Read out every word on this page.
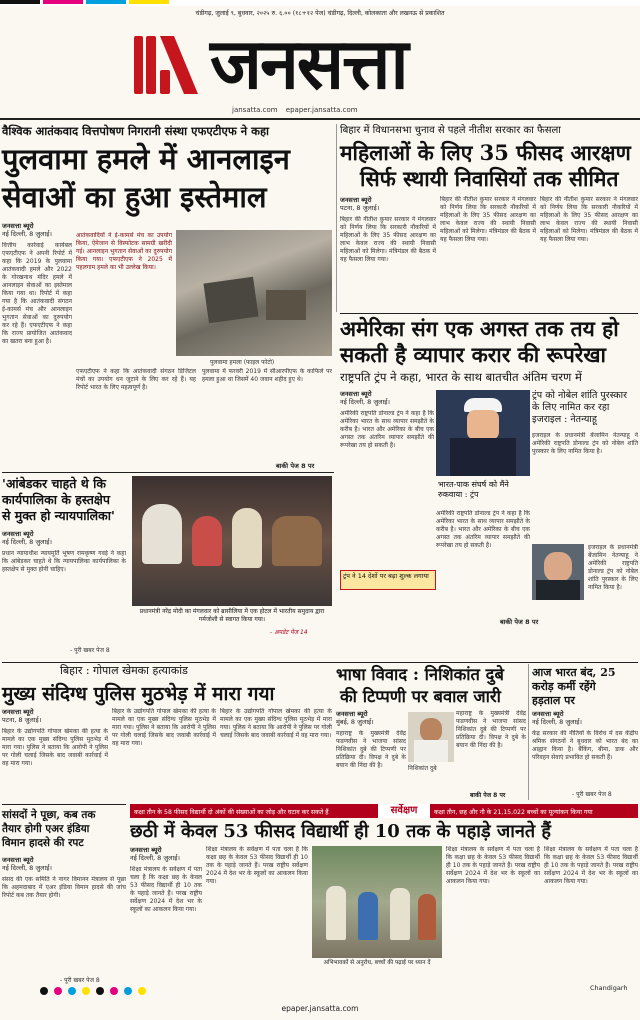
चंडीगढ़, जुलाई ९, बुधवार, २०२५ रु. ६.०० (१८+१२ पेज) चंडीगढ़, दिल्ली, कोलकाता और लखनऊ से प्रकाशित
जनसत्ता
jansatta.com epaper.jansatta.com
वैश्विक आतंकवाद वित्तपोषण निगरानी संस्था एफएटीएफ ने कहा
पुलवामा हमले में आनलाइन
सेवाओं का हुआ इस्तेमाल
जनसत्ता ब्यूरो
नई दिल्ली, 8 जुलाई।
वित्तीय कार्रवाई कार्यबल एफएटीएफ ने अपनी रिपोर्ट में कहा कि 2019 के पुलवामा आतंकवादी हमले और 2022 के गोरखनाथ मंदिर हमले में आनलाइन सेवाओं का इस्तेमाल किया गया था। रिपोर्ट में कहा गया है कि आतंकवादी संगठन ई-कामर्स मंच और आनलाइन भुगतान सेवाओं का दुरुपयोग कर रहे हैं। एफएटीएफ ने कहा कि राज्य प्रायोजित आतंकवाद का खतरा बना हुआ है।
आतंकवादियों ने ई-कामर्स मंच का उपयोग किया, ऐमेजान से विस्फोटक सामग्री खरीदी गई। आनलाइन भुगतान सेवाओं का दुरुपयोग किया गया। एफएटीएफ ने 2025 में पहलगाम हमले का भी उल्लेख किया।
पुलवामा हमला (फाइल फोटो)
एफएटीएफ ने कहा कि आतंकवादी संगठन डिजिटल मंचों का उपयोग धन जुटाने के लिए कर रहे हैं। यह रिपोर्ट भारत के लिए महत्वपूर्ण है।
पुलवामा में फरवरी 2019 में सीआरपीएफ के काफिले पर हमला हुआ था जिसमें 40 जवान शहीद हुए थे।
बाकी पेज 8 पर
बिहार में विधानसभा चुनाव से पहले नीतीश सरकार का फैसला
महिलाओं के लिए 35 फीसद आरक्षण
सिर्फ स्थायी निवासियों तक सीमित
जनसत्ता ब्यूरो
पटना, 8 जुलाई।
बिहार की नीतीश कुमार सरकार ने मंगलवार को निर्णय लिया कि सरकारी नौकरियों में महिलाओं के लिए 35 फीसद आरक्षण का लाभ केवल राज्य की स्थायी निवासी महिलाओं को मिलेगा। मंत्रिमंडल की बैठक में यह फैसला लिया गया।
बिहार की नीतीश कुमार सरकार ने मंगलवार को निर्णय लिया कि सरकारी नौकरियों में महिलाओं के लिए 35 फीसद आरक्षण का लाभ केवल राज्य की स्थायी निवासी महिलाओं को मिलेगा। मंत्रिमंडल की बैठक में यह फैसला लिया गया।
बिहार की नीतीश कुमार सरकार ने मंगलवार को निर्णय लिया कि सरकारी नौकरियों में महिलाओं के लिए 35 फीसद आरक्षण का लाभ केवल राज्य की स्थायी निवासी महिलाओं को मिलेगा। मंत्रिमंडल की बैठक में यह फैसला लिया गया।
अमेरिका संग एक अगस्त तक तय हो
सकती है व्यापार करार की रूपरेखा
राष्ट्रपति ट्रंप ने कहा, भारत के साथ बातचीत अंतिम चरण में
जनसत्ता ब्यूरो
नई दिल्ली, 8 जुलाई।
अमेरिकी राष्ट्रपति डोनाल्ड ट्रंप ने कहा है कि अमेरिका भारत के साथ व्यापार समझौते के करीब है। भारत और अमेरिका के बीच एक अगस्त तक अंतरिम व्यापार समझौते की रूपरेखा तय हो सकती है।
भारत-पाक संघर्ष को मैंने रुकवाया : ट्रंप
अमेरिकी राष्ट्रपति डोनाल्ड ट्रंप ने कहा है कि अमेरिका भारत के साथ व्यापार समझौते के करीब है। भारत और अमेरिका के बीच एक अगस्त तक अंतरिम व्यापार समझौते की रूपरेखा तय हो सकती है।
ट्रंप को नोबेल शांति पुरस्कार
के लिए नामित कर रहा
इजराइल : नेतन्याहू
इजराइल के प्रधानमंत्री बेंजामिन नेतन्याहू ने अमेरिकी राष्ट्रपति डोनाल्ड ट्रंप को नोबेल शांति पुरस्कार के लिए नामित किया है।
इजराइल के प्रधानमंत्री बेंजामिन नेतन्याहू ने अमेरिकी राष्ट्रपति डोनाल्ड ट्रंप को नोबेल शांति पुरस्कार के लिए नामित किया है।
ट्रंप ने 14 देशों पर बढ़ा शुल्क लगाया
बाकी पेज 8 पर
'आंबेडकर चाहते थे कि
कार्यपालिका के हस्तक्षेप
से मुक्त हो न्यायपालिका'
जनसत्ता ब्यूरो
नई दिल्ली, 8 जुलाई।
प्रधान न्यायाधीश न्यायमूर्ति भूषण रामकृष्ण गवई ने कहा कि आंबेडकर चाहते थे कि न्यायपालिका कार्यपालिका के हस्तक्षेप से मुक्त होनी चाहिए।
- पूरी खबर पेज 8
प्रधानमंत्री नरेंद्र मोदी का मंगलवार को ब्रासीलिया में एक होटल में भारतीय समुदाय द्वारा गर्मजोशी से स्वागत किया गया।
- अपडेट पेज 14
बिहार : गोपाल खेमका हत्याकांड
मुख्य संदिग्ध पुलिस मुठभेड़ में मारा गया
जनसत्ता ब्यूरो
पटना, 8 जुलाई।
बिहार के उद्योगपति गोपाल खेमका की हत्या के मामले का एक मुख्य संदिग्ध पुलिस मुठभेड़ में मारा गया। पुलिस ने बताया कि आरोपी ने पुलिस पर गोली चलाई जिसके बाद जवाबी कार्रवाई में वह मारा गया।
बिहार के उद्योगपति गोपाल खेमका की हत्या के मामले का एक मुख्य संदिग्ध पुलिस मुठभेड़ में मारा गया। पुलिस ने बताया कि आरोपी ने पुलिस पर गोली चलाई जिसके बाद जवाबी कार्रवाई में वह मारा गया।
बिहार के उद्योगपति गोपाल खेमका की हत्या के मामले का एक मुख्य संदिग्ध पुलिस मुठभेड़ में मारा गया। पुलिस ने बताया कि आरोपी ने पुलिस पर गोली चलाई जिसके बाद जवाबी कार्रवाई में वह मारा गया।
भाषा विवाद : निशिकांत दुबे
की टिप्पणी पर बवाल जारी
जनसत्ता ब्यूरो
मुंबई, 8 जुलाई।
महाराष्ट्र के मुख्यमंत्री देवेंद्र फडणवीस ने भाजपा सांसद निशिकांत दुबे की टिप्पणी पर प्रतिक्रिया दी। विपक्ष ने दुबे के बयान की निंदा की है।	निशिकांत दुबे
महाराष्ट्र के मुख्यमंत्री देवेंद्र फडणवीस ने भाजपा सांसद निशिकांत दुबे की टिप्पणी पर प्रतिक्रिया दी। विपक्ष ने दुबे के बयान की निंदा की है।
बाकी पेज 8 पर
आज भारत बंद, 25
करोड़ कर्मी रहेंगे
हड़ताल पर
जनसत्ता ब्यूरो
नई दिल्ली, 8 जुलाई।
केंद्र सरकार की नीतियों के विरोध में दस केंद्रीय श्रमिक संगठनों ने बुधवार को भारत बंद का आह्वान किया है। बैंकिंग, बीमा, डाक और परिवहन सेवाएं प्रभावित हो सकती हैं।
- पूरी खबर पेज 8
सांसदों ने पूछा, कब तक
तैयार होगी एअर इंडिया
विमान हादसे की रपट
जनसत्ता ब्यूरो
नई दिल्ली, 8 जुलाई।
संसद की एक समिति ने नागर विमानन मंत्रालय से पूछा कि अहमदाबाद में एअर इंडिया विमान हादसे की जांच रिपोर्ट कब तक तैयार होगी।
- पूरी खबर पेज 8
कक्षा तीन के 58 फीसद विद्यार्थी दो अंकों की संख्याओं का जोड़ और घटाव कर सकते हैं	सर्वेक्षण	कक्षा तीन, छह और नौ के 21,15,022 बच्चों का मूल्यांकन किया गया
छठी में केवल 53 फीसद विद्यार्थी ही 10 तक के पहाड़े जानते हैं
जनसत्ता ब्यूरो
नई दिल्ली, 8 जुलाई।
शिक्षा मंत्रालय के सर्वेक्षण में पता चला है कि कक्षा छह के केवल 53 फीसद विद्यार्थी ही 10 तक के पहाड़े जानते हैं। परख राष्ट्रीय सर्वेक्षण 2024 में देश भर के स्कूलों का आकलन किया गया।
शिक्षा मंत्रालय के सर्वेक्षण में पता चला है कि कक्षा छह के केवल 53 फीसद विद्यार्थी ही 10 तक के पहाड़े जानते हैं। परख राष्ट्रीय सर्वेक्षण 2024 में देश भर के स्कूलों का आकलन किया गया।
अभिभावकों से अनुरोध, बच्चों की पढ़ाई पर ध्यान दें
शिक्षा मंत्रालय के सर्वेक्षण में पता चला है कि कक्षा छह के केवल 53 फीसद विद्यार्थी ही 10 तक के पहाड़े जानते हैं। परख राष्ट्रीय सर्वेक्षण 2024 में देश भर के स्कूलों का आकलन किया गया।
शिक्षा मंत्रालय के सर्वेक्षण में पता चला है कि कक्षा छह के केवल 53 फीसद विद्यार्थी ही 10 तक के पहाड़े जानते हैं। परख राष्ट्रीय सर्वेक्षण 2024 में देश भर के स्कूलों का आकलन किया गया।
Chandigarh
epaper.jansatta.com
